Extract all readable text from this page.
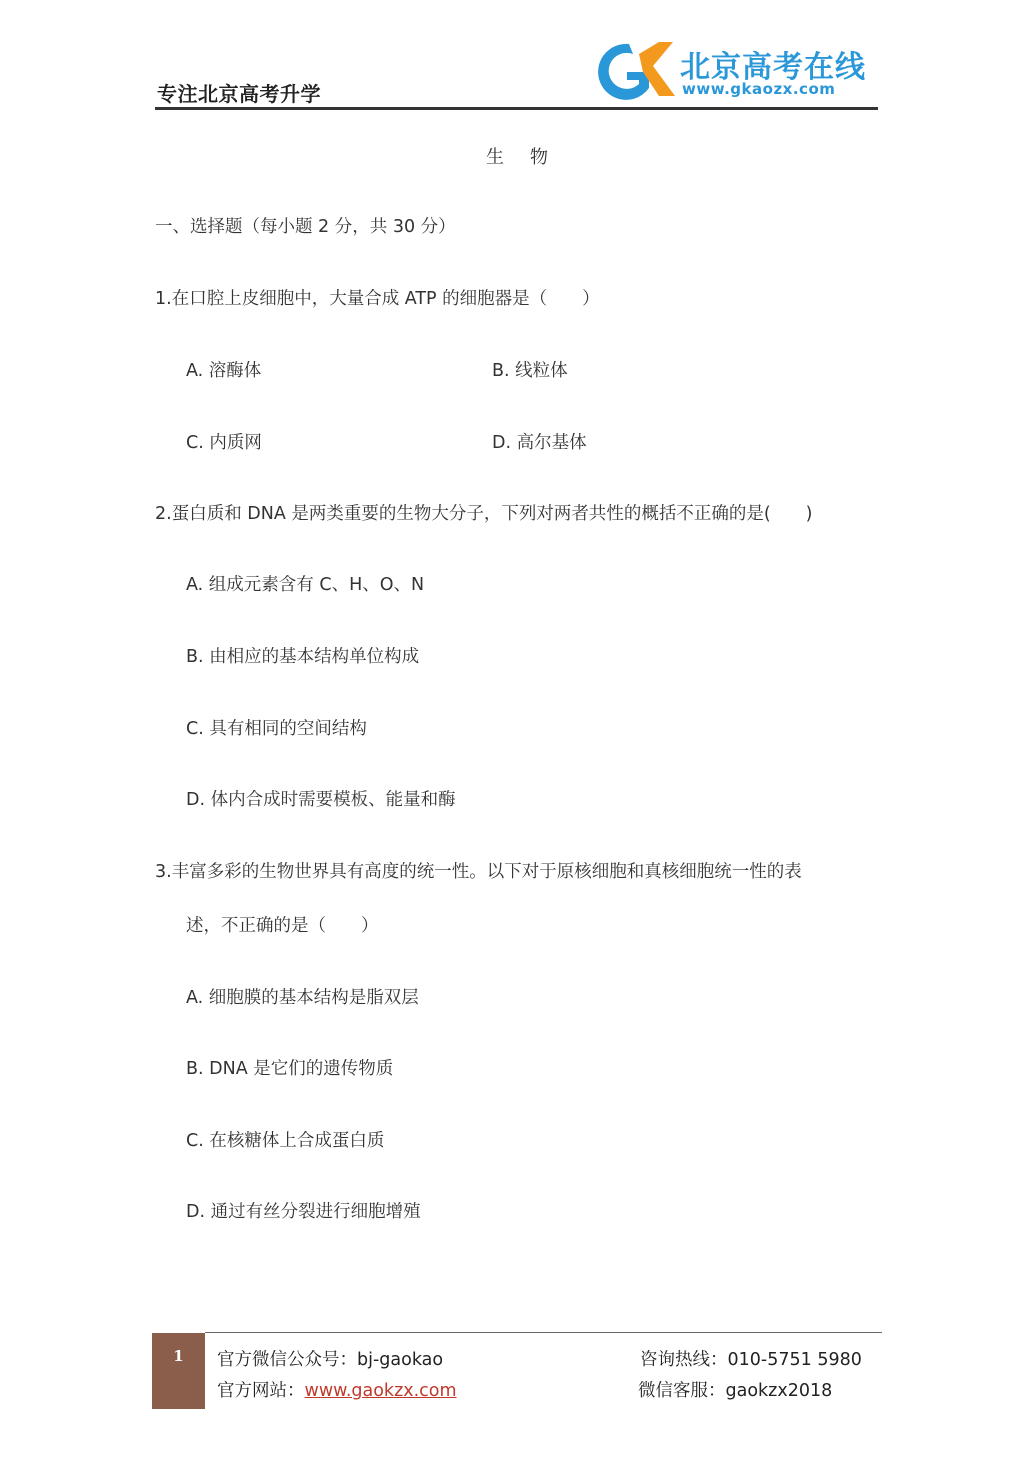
专注北京高考升学
北京高考在线
www.gkaozx.com
生物
一、选择题（每小题 2 分，共 30 分）
1.在口腔上皮细胞中，大量合成 ATP 的细胞器是（　　）
A. 溶酶体	B. 线粒体
C. 内质网	D. 高尔基体
2.蛋白质和 DNA 是两类重要的生物大分子，下列对两者共性的概括不正确的是(　　)
A. 组成元素含有 C、H、O、N
B. 由相应的基本结构单位构成
C. 具有相同的空间结构
D. 体内合成时需要模板、能量和酶
3.丰富多彩的生物世界具有高度的统一性。以下对于原核细胞和真核细胞统一性的表
述，不正确的是（　　）
A. 细胞膜的基本结构是脂双层
B. DNA 是它们的遗传物质
C. 在核糖体上合成蛋白质
D. 通过有丝分裂进行细胞增殖
1	官方微信公众号：bj-gaokao
官方网站：www.gaokzx.com
咨询热线：010-5751 5980
微信客服：gaokzx2018
